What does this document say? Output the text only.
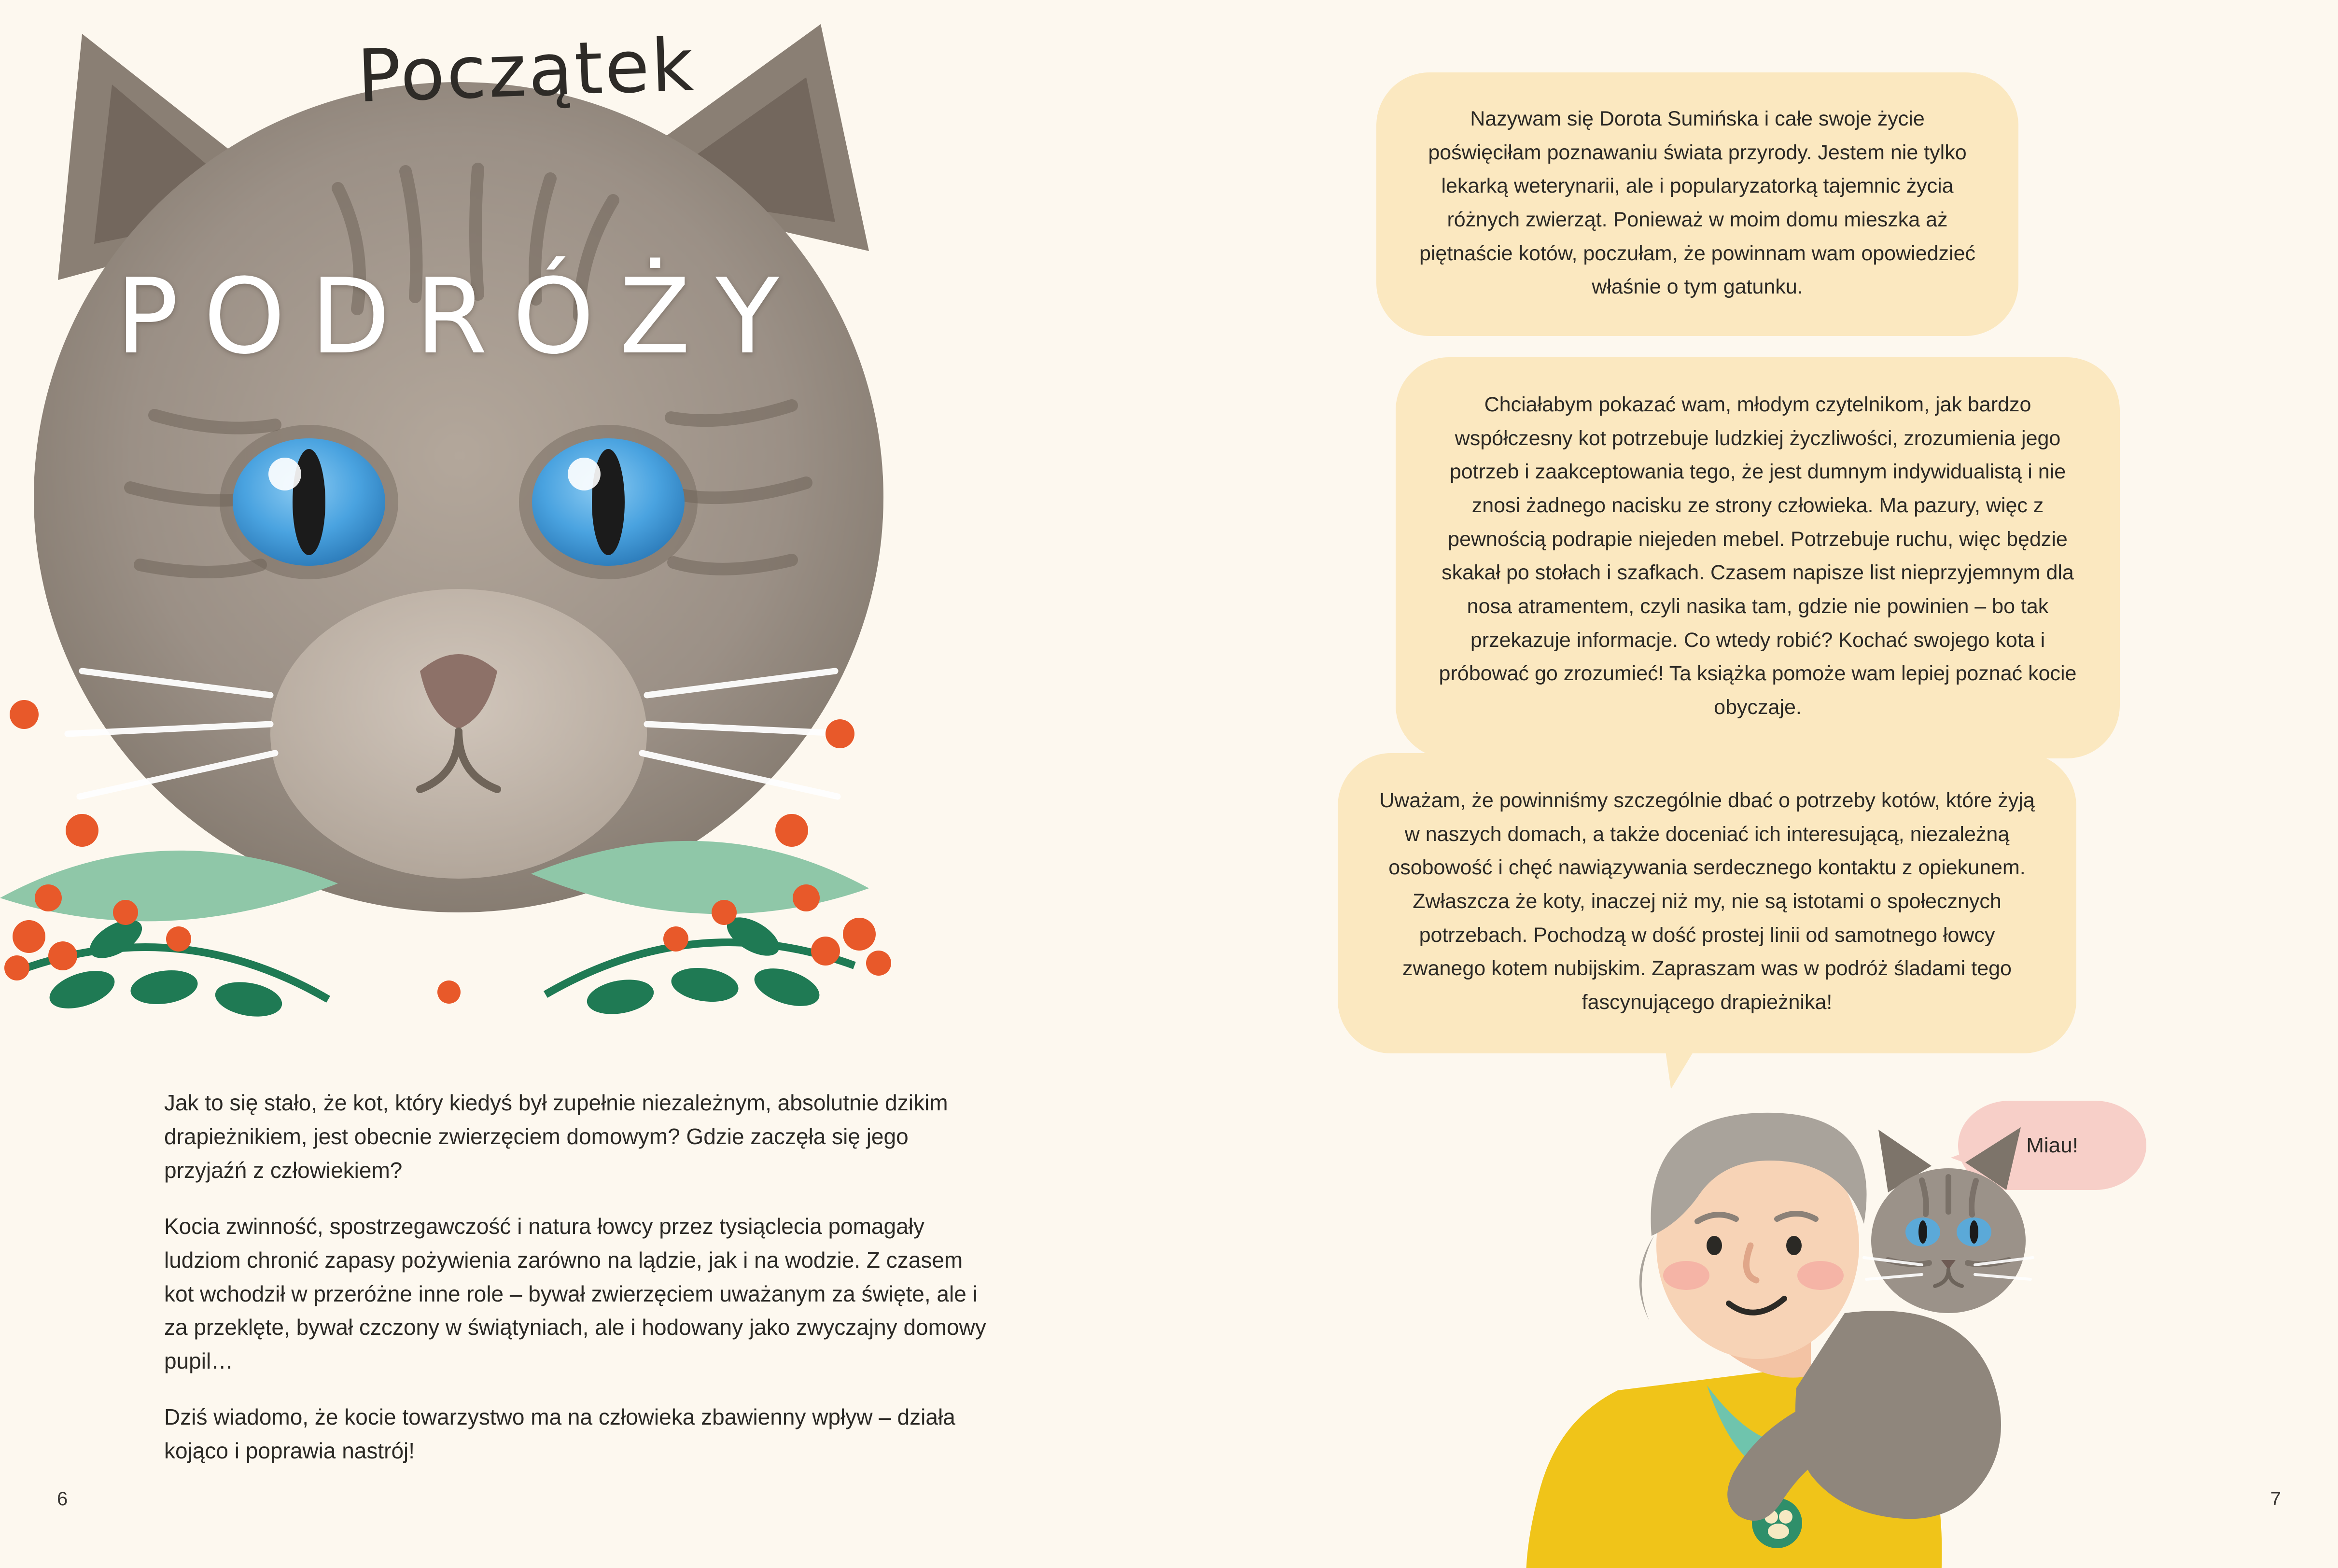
Początek
PODRÓŻY

Jak to się stało, że kot, który kiedyś był zupełnie niezależnym, absolutnie dzikim drapieżnikiem, jest obecnie zwierzęciem domowym? Gdzie zaczęła się jego przyjaźń z człowiekiem?

Kocia zwinność, spostrzegawczość i natura łowcy przez tysiąclecia pomagały ludziom chronić zapasy pożywienia zarówno na lądzie, jak i na wodzie. Z czasem kot wchodził w przeróżne inne role – bywał zwierzęciem uważanym za święte, ale i za przeklęte, bywał czczony w świątyniach, ale i hodowany jako zwyczajny domowy pupil…

Dziś wiadomo, że kocie towarzystwo ma na człowieka zbawienny wpływ – działa kojąco i poprawia nastrój!

6

Nazywam się Dorota Sumińska i całe swoje życie poświęciłam poznawaniu świata przyrody. Jestem nie tylko lekarką weterynarii, ale i popularyzatorką tajemnic życia różnych zwierząt. Ponieważ w moim domu mieszka aż piętnaście kotów, poczułam, że powinnam wam opowiedzieć właśnie o tym gatunku.

Chciałabym pokazać wam, młodym czytelnikom, jak bardzo współczesny kot potrzebuje ludzkiej życzliwości, zrozumienia jego potrzeb i zaakceptowania tego, że jest dumnym indywidualistą i nie znosi żadnego nacisku ze strony człowieka. Ma pazury, więc z pewnością podrapie niejeden mebel. Potrzebuje ruchu, więc będzie skakał po stołach i szafkach. Czasem napisze list nieprzyjemnym dla nosa atramentem, czyli nasika tam, gdzie nie powinien – bo tak przekazuje informacje. Co wtedy robić? Kochać swojego kota i próbować go zrozumieć! Ta książka pomoże wam lepiej poznać kocie obyczaje.

Uważam, że powinniśmy szczególnie dbać o potrzeby kotów, które żyją w naszych domach, a także doceniać ich interesującą, niezależną osobowość i chęć nawiązywania serdecznego kontaktu z opiekunem. Zwłaszcza że koty, inaczej niż my, nie są istotami o społecznych potrzebach. Pochodzą w dość prostej linii od samotnego łowcy zwanego kotem nubijskim. Zapraszam was w podróż śladami tego fascynującego drapieżnika!

Miau!
7
